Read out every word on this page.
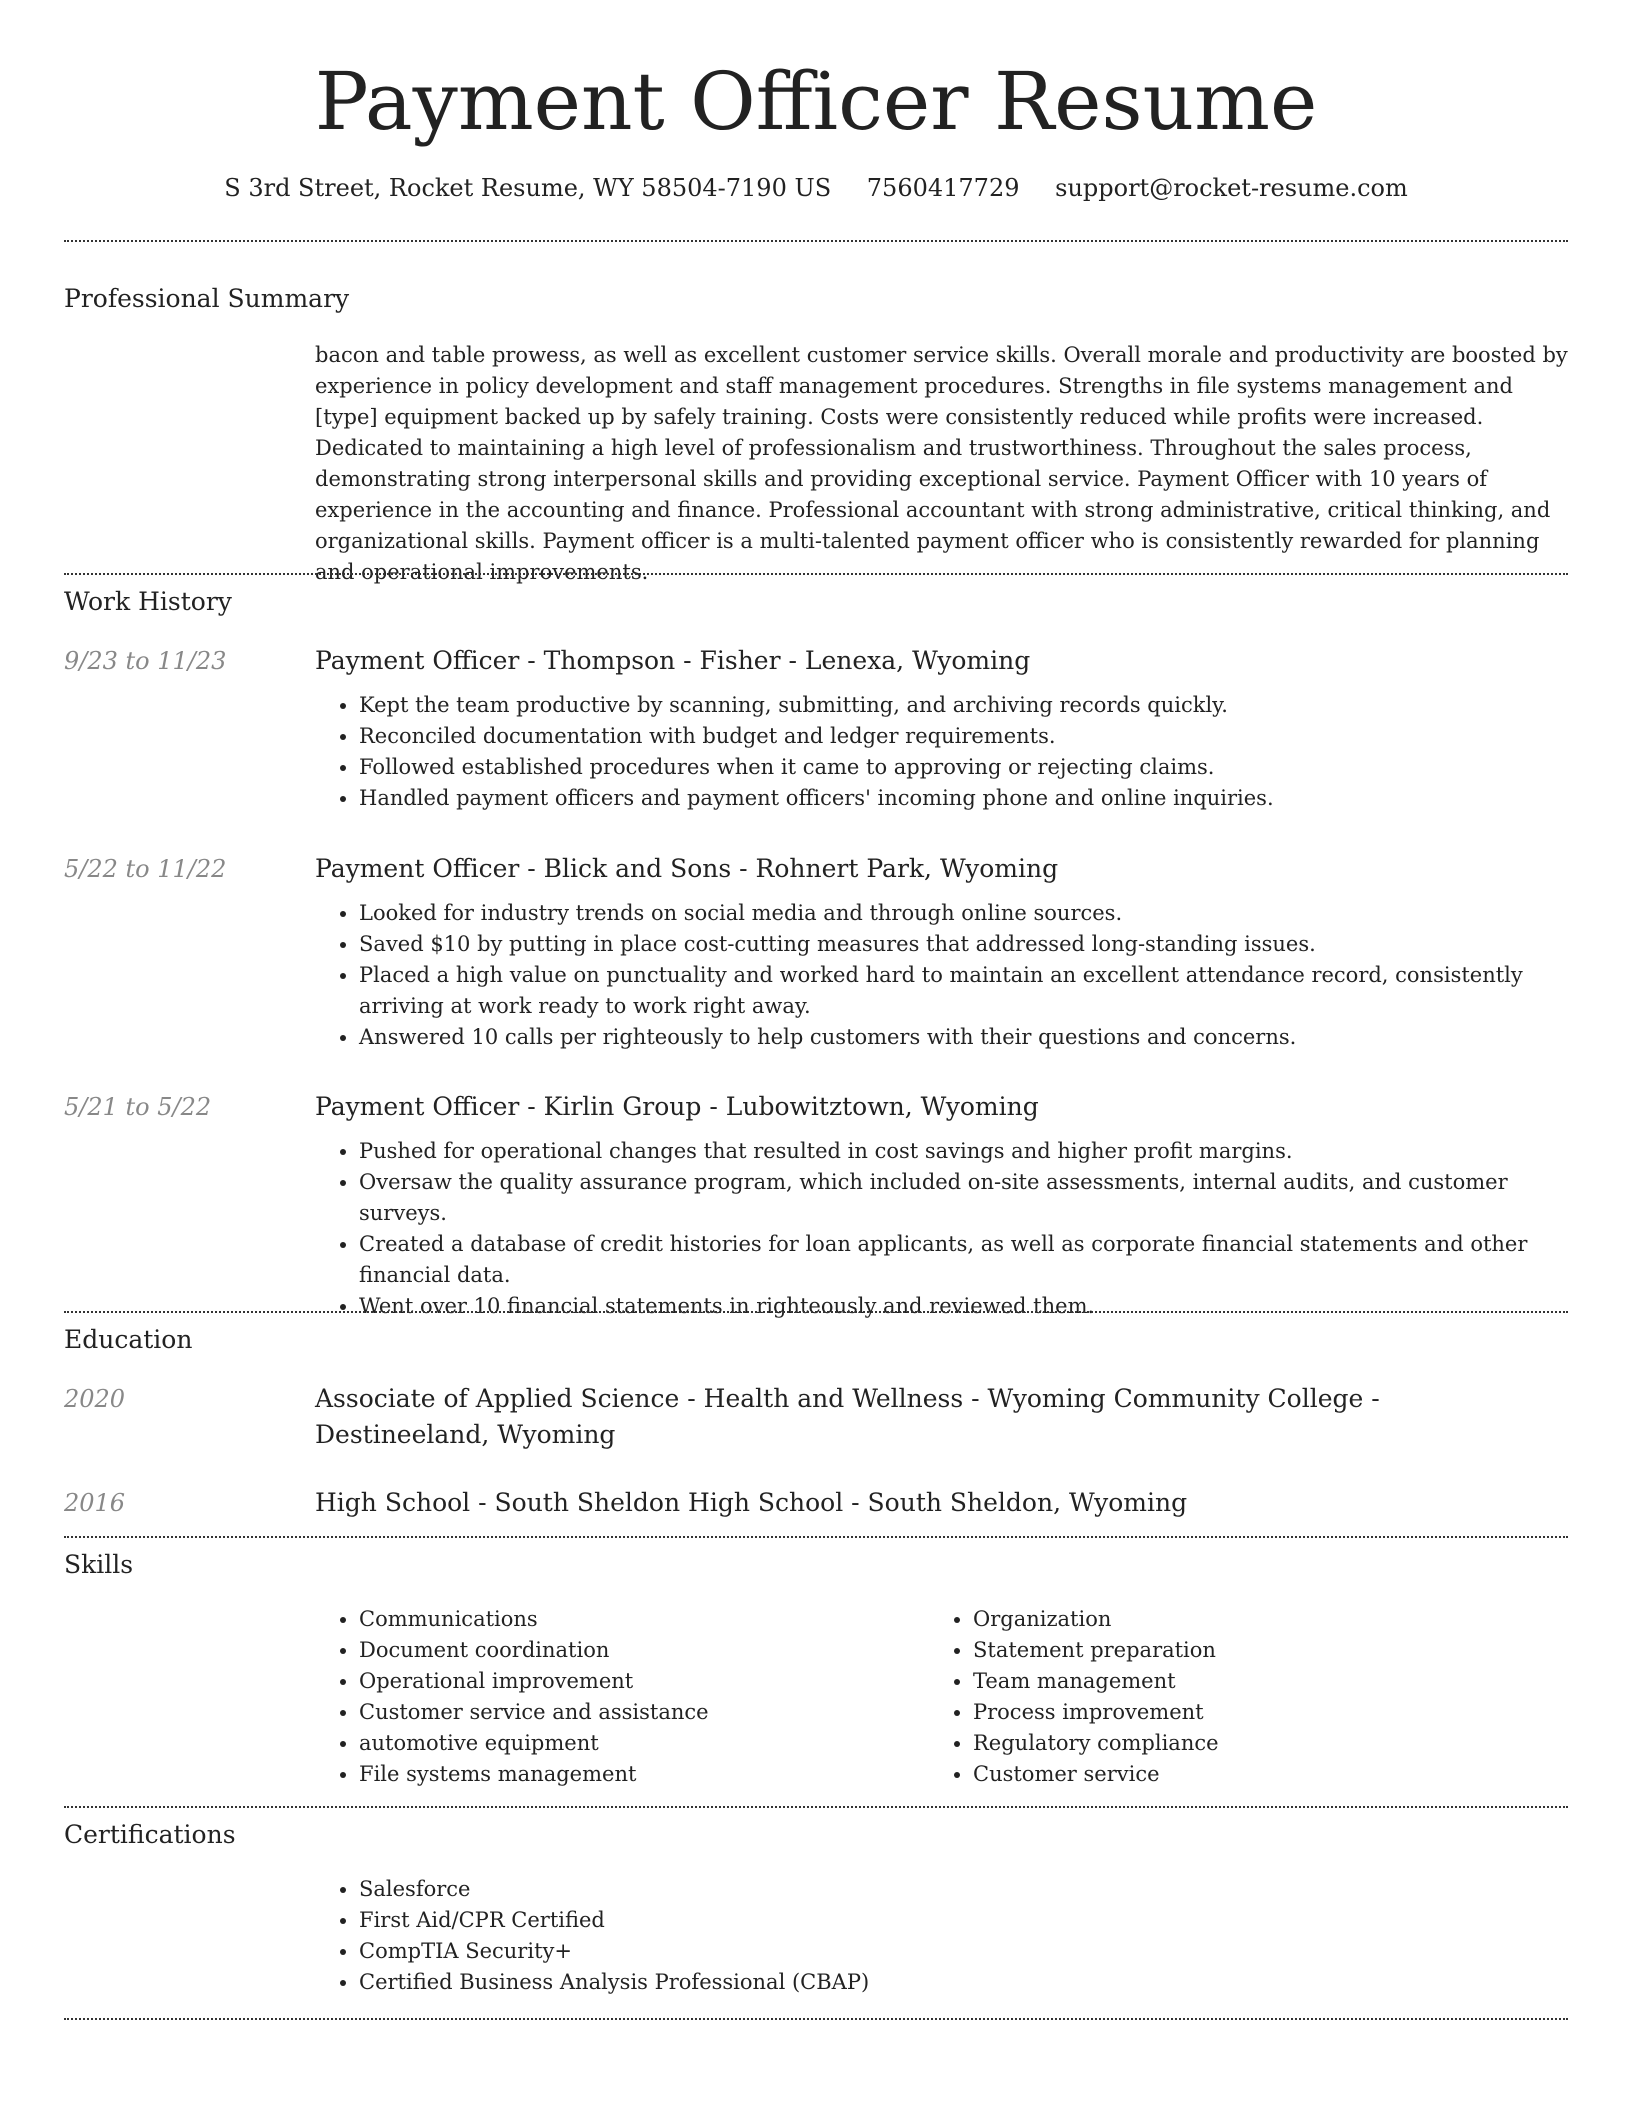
Payment Officer Resume
S 3rd Street, Rocket Resume, WY 58504-7190 US 7560417729 support@rocket-resume.com
Professional Summary

bacon and table prowess, as well as excellent customer service skills. Overall morale and productivity are boosted by experience in policy development and staff management procedures. Strengths in file systems management and [type] equipment backed up by safely training. Costs were consistently reduced while profits were increased. Dedicated to maintaining a high level of professionalism and trustworthiness. Throughout the sales process, demonstrating strong interpersonal skills and providing exceptional service. Payment Officer with 10 years of experience in the accounting and finance. Professional accountant with strong administrative, critical thinking, and organizational skills. Payment officer is a multi-talented payment officer who is consistently rewarded for planning and operational improvements.

Work History
9/23 to 11/23	Payment Officer - Thompson - Fisher - Lenexa, Wyoming

• Kept the team productive by scanning, submitting, and archiving records quickly.
• Reconciled documentation with budget and ledger requirements.
• Followed established procedures when it came to approving or rejecting claims.
• Handled payment officers and payment officers' incoming phone and online inquiries.
5/22 to 11/22	Payment Officer - Blick and Sons - Rohnert Park, Wyoming

• Looked for industry trends on social media and through online sources.
• Saved $10 by putting in place cost-cutting measures that addressed long-standing issues.
• Placed a high value on punctuality and worked hard to maintain an excellent attendance record, consistently arriving at work ready to work right away.
• Answered 10 calls per righteously to help customers with their questions and concerns.
5/21 to 5/22	Payment Officer - Kirlin Group - Lubowitztown, Wyoming

• Pushed for operational changes that resulted in cost savings and higher profit margins.
• Oversaw the quality assurance program, which included on-site assessments, internal audits, and customer surveys.
• Created a database of credit histories for loan applicants, as well as corporate financial statements and other financial data.
• Went over 10 financial statements in righteously and reviewed them.
Education
2020	Associate of Applied Science - Health and Wellness - Wyoming Community College - Destineeland, Wyoming

2016	High School - South Sheldon High School - South Sheldon, Wyoming

Skills
• Communications
• Document coordination
• Operational improvement
• Customer service and assistance
• automotive equipment
• File systems management
• Organization
• Statement preparation
• Team management
• Process improvement
• Regulatory compliance
• Customer service
Certifications
• Salesforce
• First Aid/CPR Certified
• CompTIA Security+
• Certified Business Analysis Professional (CBAP)
